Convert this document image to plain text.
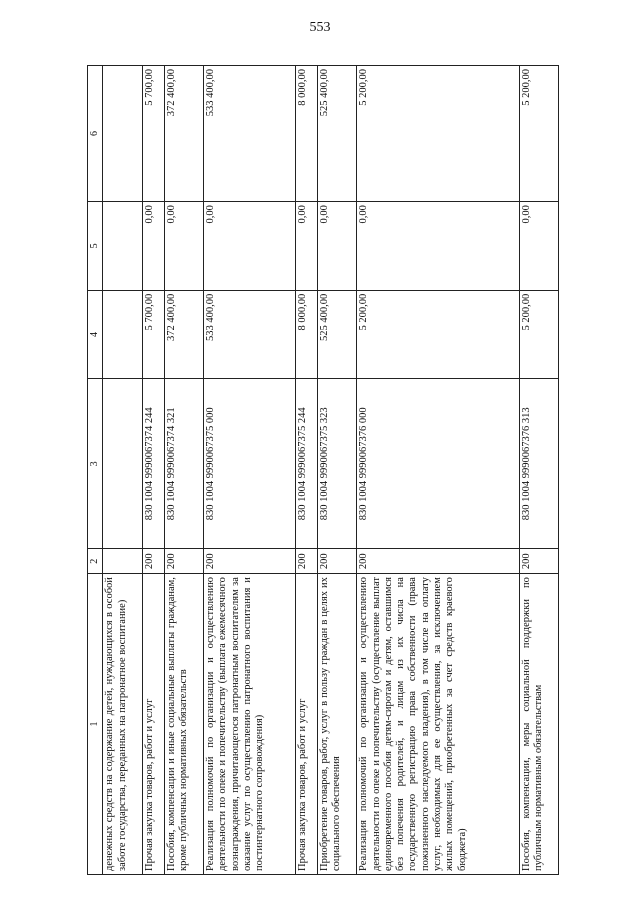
553
1	2	3	4	5	6
денежных средств на содержание детей, нуждающихся в особой заботе государства, переданных на патронатное воспитание)					
Прочая закупка товаров, работ и услуг	200	830 1004 9990067374 244	5 700,00	0,00	5 700,00
Пособия, компенсации и иные социальные выплаты гражданам, кроме публичных нормативных обязательств	200	830 1004 9990067374 321	372 400,00	0,00	372 400,00
Реализация полномочий по организации и осуществлению деятельности по опеке и попечительству (выплата ежемесячного вознаграждения, причитающегося патронатным воспитателям за оказание услуг по осуществлению патронатного воспитания и постинтернатного сопровождения)	200	830 1004 9990067375 000	533 400,00	0,00	533 400,00
Прочая закупка товаров, работ и услуг	200	830 1004 9990067375 244	8 000,00	0,00	8 000,00
Приобретение товаров, работ, услуг в пользу граждан в целях их социального обеспечения	200	830 1004 9990067375 323	525 400,00	0,00	525 400,00
Реализация полномочий по организации и осуществлению деятельности по опеке и попечительству (осуществление выплат единовременного пособия детям-сиротам и детям, оставшимся без попечения родителей, и лицам из их числа на государственную регистрацию права собственности (права пожизненного наследуемого владения), в том числе на оплату услуг, необходимых для ее осуществления, за исключением жилых помещений, приобретенных за счет средств краевого бюджета)	200	830 1004 9990067376 000	5 200,00	0,00	5 200,00
Пособия, компенсации, меры социальной поддержки по публичным нормативным обязательствам	200	830 1004 9990067376 313	5 200,00	0,00	5 200,00
